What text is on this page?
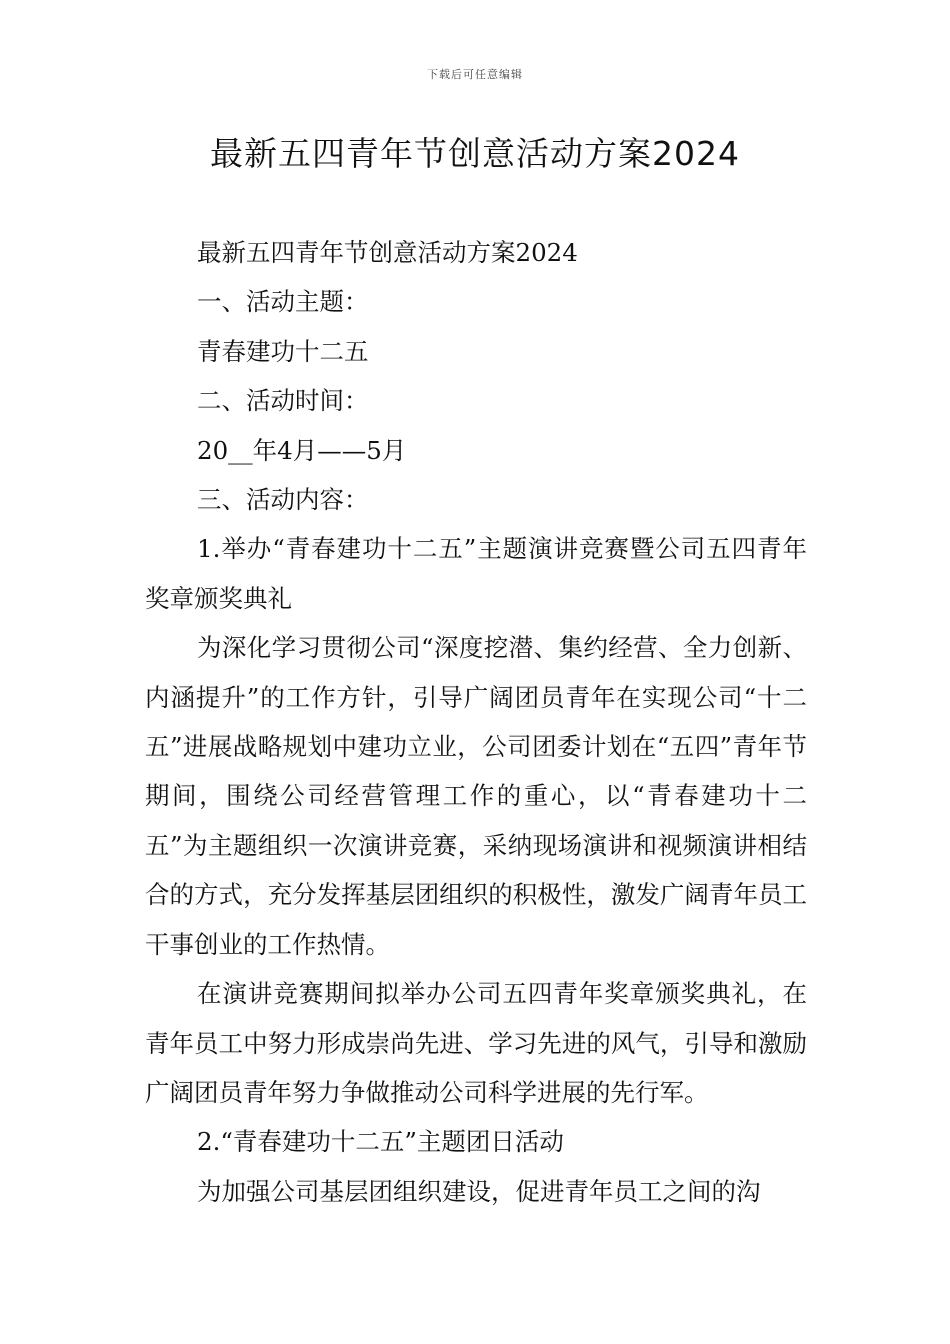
下载后可任意编辑
最新五四青年节创意活动方案2024

最新五四青年节创意活动方案2024

一、活动主题：

青春建功十二五

二、活动时间：

20__年4月——5月

三、活动内容：

1.举办“青春建功十二五”主题演讲竞赛暨公司五四青年奖章颁奖典礼

为深化学习贯彻公司“深度挖潜、集约经营、全力创新、内涵提升”的工作方针，引导广阔团员青年在实现公司“十二五”进展战略规划中建功立业，公司团委计划在“五四”青年节期间，围绕公司经营管理工作的重心，以“青春建功十二五”为主题组织一次演讲竞赛，采纳现场演讲和视频演讲相结合的方式，充分发挥基层团组织的积极性，激发广阔青年员工干事创业的工作热情。

在演讲竞赛期间拟举办公司五四青年奖章颁奖典礼，在青年员工中努力形成崇尚先进、学习先进的风气，引导和激励广阔团员青年努力争做推动公司科学进展的先行军。

2.“青春建功十二五”主题团日活动

为加强公司基层团组织建设，促进青年员工之间的沟
